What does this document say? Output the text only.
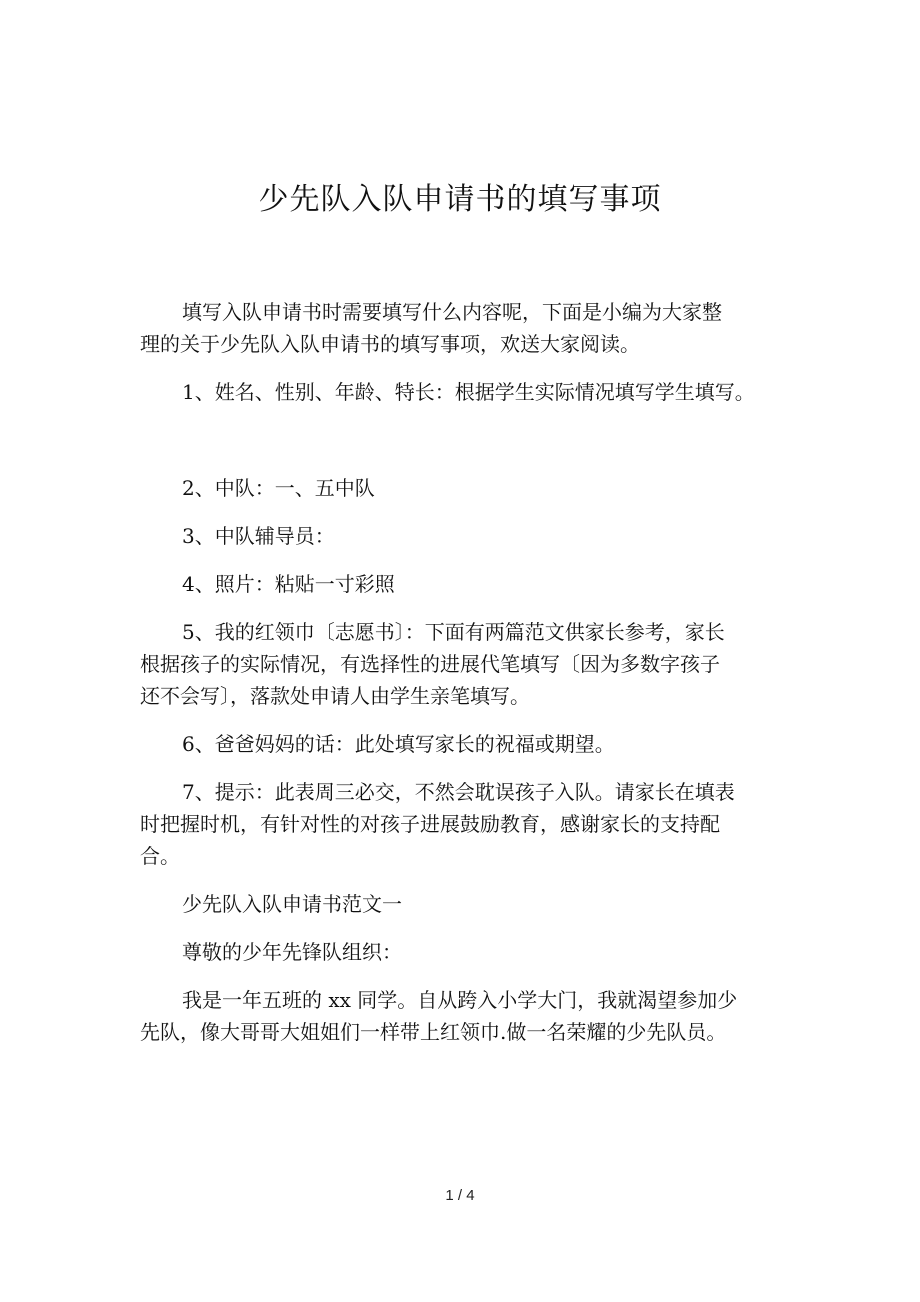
少先队入队申请书的填写事项
填写入队申请书时需要填写什么内容呢，下面是小编为大家整
理的关于少先队入队申请书的填写事项，欢送大家阅读。
1、姓名、性别、年龄、特长：根据学生实际情况填写学生填写。
2、中队：一、五中队
3、中队辅导员：
4、照片：粘贴一寸彩照
5、我的红领巾〔志愿书〕：下面有两篇范文供家长参考，家长
根据孩子的实际情况，有选择性的进展代笔填写〔因为多数字孩子
还不会写〕，落款处申请人由学生亲笔填写。
6、爸爸妈妈的话：此处填写家长的祝福或期望。
7、提示：此表周三必交，不然会耽误孩子入队。请家长在填表
时把握时机，有针对性的对孩子进展鼓励教育，感谢家长的支持配
合。
少先队入队申请书范文一
尊敬的少年先锋队组织：
我是一年五班的 xx 同学。自从跨入小学大门，我就渴望参加少
先队，像大哥哥大姐姐们一样带上红领巾.做一名荣耀的少先队员。
1 / 4
